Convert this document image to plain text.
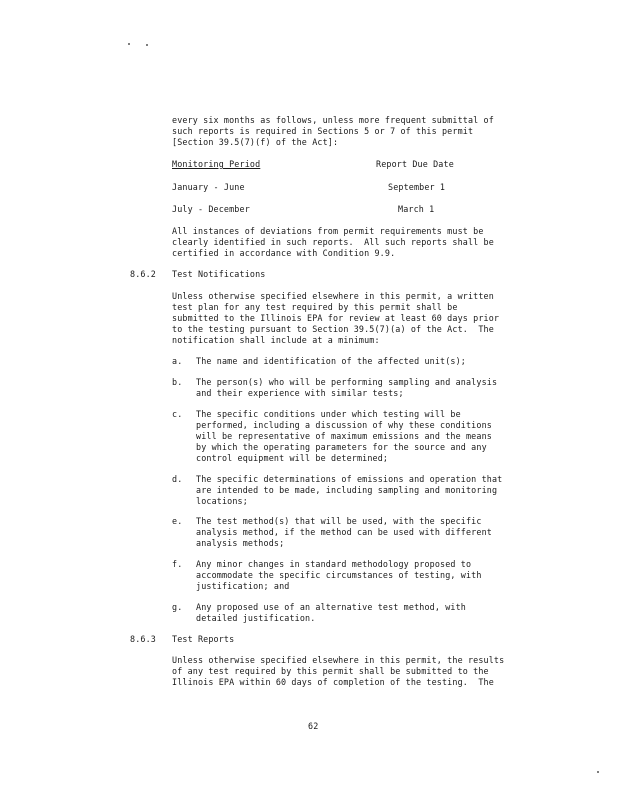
every six months as follows, unless more frequent submittal of
such reports is required in Sections 5 or 7 of this permit
[Section 39.5(7)(f) of the Act]:
Monitoring Period	Report Due Date
January - June	September 1
July - December	March 1
All instances of deviations from permit requirements must be
clearly identified in such reports.  All such reports shall be
certified in accordance with Condition 9.9.
8.6.2 Test Notifications
Unless otherwise specified elsewhere in this permit, a written
test plan for any test required by this permit shall be
submitted to the Illinois EPA for review at least 60 days prior
to the testing pursuant to Section 39.5(7)(a) of the Act.  The
notification shall include at a minimum:
a. The name and identification of the affected unit(s);
b. The person(s) who will be performing sampling and analysis
and their experience with similar tests;
c. The specific conditions under which testing will be
performed, including a discussion of why these conditions
will be representative of maximum emissions and the means
by which the operating parameters for the source and any
control equipment will be determined;
d. The specific determinations of emissions and operation that
are intended to be made, including sampling and monitoring
locations;
e. The test method(s) that will be used, with the specific
analysis method, if the method can be used with different
analysis methods;
f. Any minor changes in standard methodology proposed to
accommodate the specific circumstances of testing, with
justification; and
g. Any proposed use of an alternative test method, with
detailed justification.
8.6.3 Test Reports
Unless otherwise specified elsewhere in this permit, the results
of any test required by this permit shall be submitted to the
Illinois EPA within 60 days of completion of the testing.  The
62
